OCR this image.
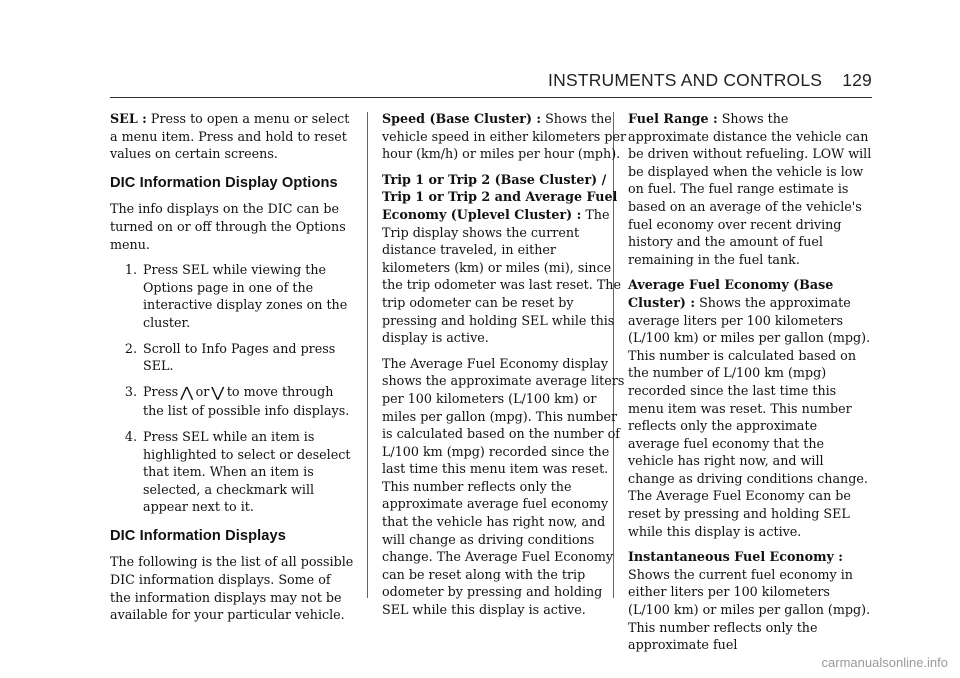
INSTRUMENTS AND CONTROLS 129

SEL : Press to open a menu or select a menu item. Press and hold to reset values on certain screens.

DIC Information Display Options

The info displays on the DIC can be turned on or off through the Options menu.

1. Press SEL while viewing the Options page in one of the interactive display zones on the cluster.
2. Scroll to Info Pages and press SEL.
3. Press ⋀ or ⋁ to move through the list of possible info displays.
4. Press SEL while an item is highlighted to select or deselect that item. When an item is selected, a checkmark will appear next to it.
DIC Information Displays

The following is the list of all possible DIC information displays. Some of the information displays may not be available for your particular vehicle.

Speed (Base Cluster) : Shows the vehicle speed in either kilometers per hour (km/h) or miles per hour (mph).

Trip 1 or Trip 2 (Base Cluster) / Trip 1 or Trip 2 and Average Fuel Economy (Uplevel Cluster) : The Trip display shows the current distance traveled, in either kilometers (km) or miles (mi), since the trip odometer was last reset. The trip odometer can be reset by pressing and holding SEL while this display is active.

The Average Fuel Economy display shows the approximate average liters per 100 kilometers (L/100 km) or miles per gallon (mpg). This number is calculated based on the number of L/100 km (mpg) recorded since the last time this menu item was reset. This number reflects only the approximate average fuel economy that the vehicle has right now, and will change as driving conditions change. The Average Fuel Economy can be reset along with the trip odometer by pressing and holding SEL while this display is active.

Fuel Range : Shows the approximate distance the vehicle can be driven without refueling. LOW will be displayed when the vehicle is low on fuel. The fuel range estimate is based on an average of the vehicle's fuel economy over recent driving history and the amount of fuel remaining in the fuel tank.

Average Fuel Economy (Base Cluster) : Shows the approximate average liters per 100 kilometers (L/100 km) or miles per gallon (mpg). This number is calculated based on the number of L/100 km (mpg) recorded since the last time this menu item was reset. This number reflects only the approximate average fuel economy that the vehicle has right now, and will change as driving conditions change. The Average Fuel Economy can be reset by pressing and holding SEL while this display is active.

Instantaneous Fuel Economy : Shows the current fuel economy in either liters per 100 kilometers (L/100 km) or miles per gallon (mpg). This number reflects only the approximate fuel

carmanualsonline.info
